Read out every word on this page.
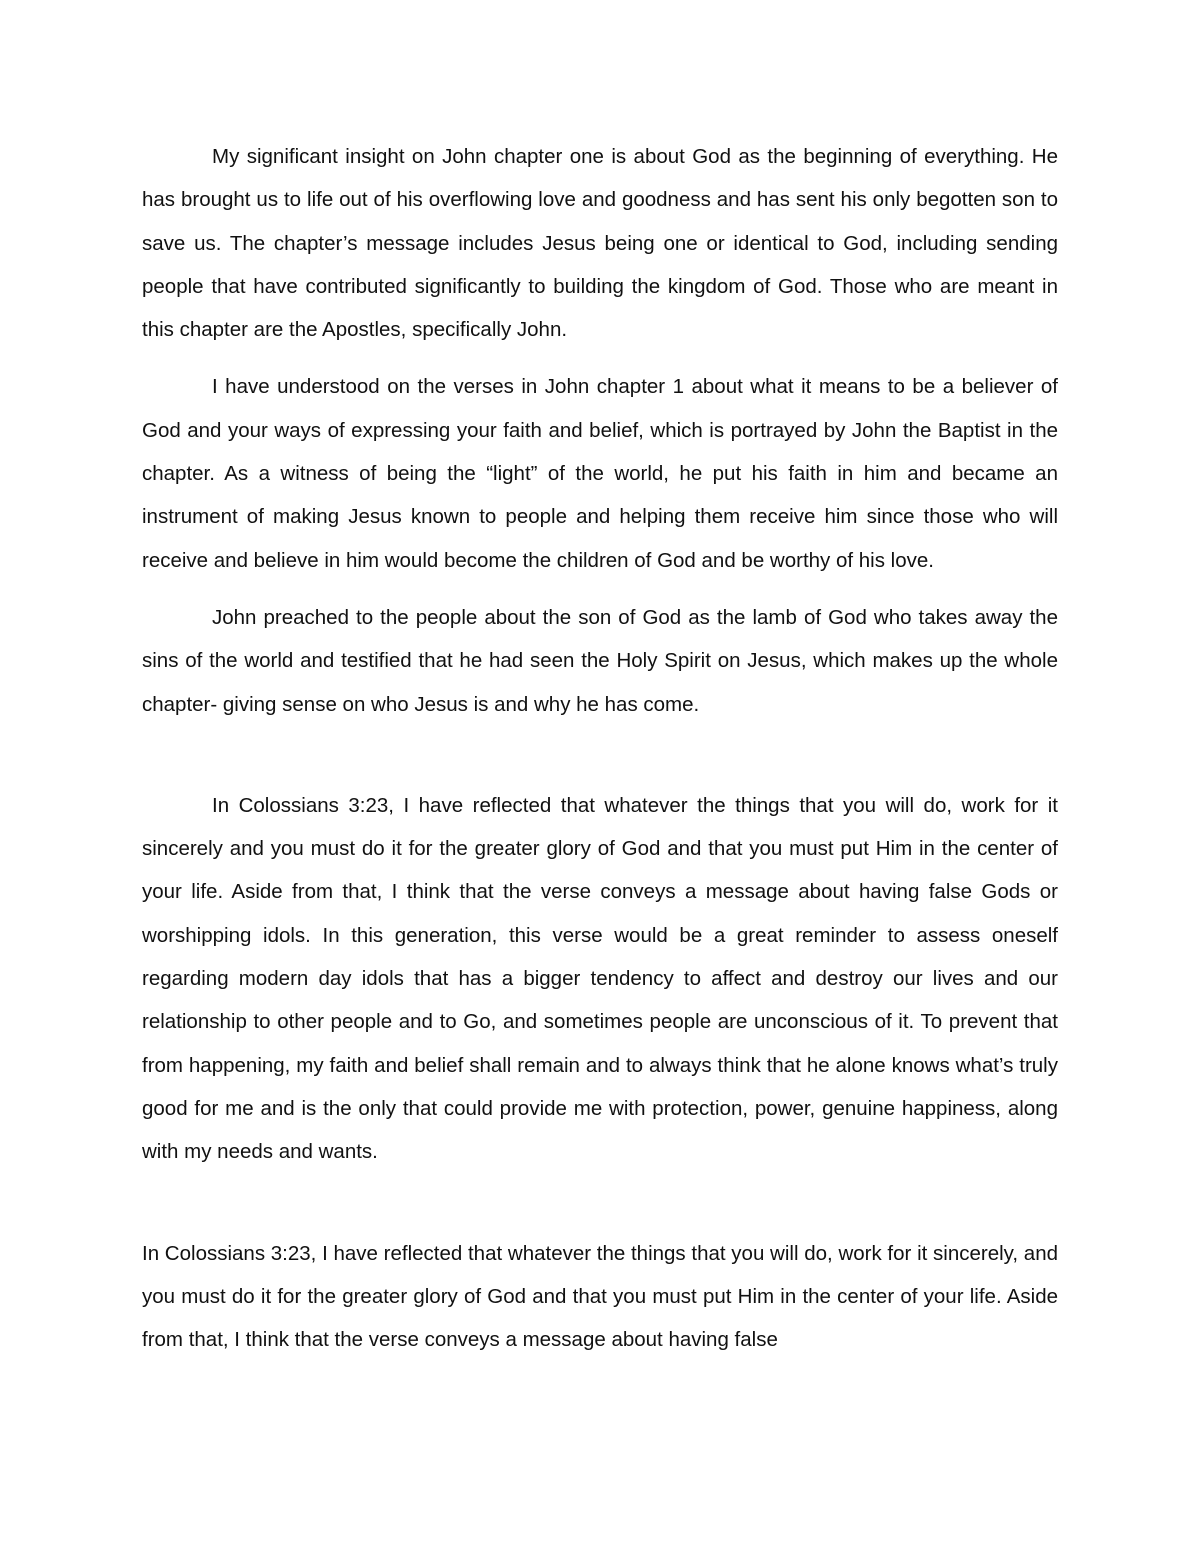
My significant insight on John chapter one is about God as the beginning of everything. He has brought us to life out of his overflowing love and goodness and has sent his only begotten son to save us. The chapter’s message includes Jesus being one or identical to God, including sending people that have contributed significantly to building the kingdom of God. Those who are meant in this chapter are the Apostles, specifically John.

I have understood on the verses in John chapter 1 about what it means to be a believer of God and your ways of expressing your faith and belief, which is portrayed by John the Baptist in the chapter. As a witness of being the “light” of the world, he put his faith in him and became an instrument of making Jesus known to people and helping them receive him since those who will receive and believe in him would become the children of God and be worthy of his love.

John preached to the people about the son of God as the lamb of God who takes away the sins of the world and testified that he had seen the Holy Spirit on Jesus, which makes up the whole chapter- giving sense on who Jesus is and why he has come.

In Colossians 3:23, I have reflected that whatever the things that you will do, work for it sincerely and you must do it for the greater glory of God and that you must put Him in the center of your life. Aside from that, I think that the verse conveys a message about having false Gods or worshipping idols. In this generation, this verse would be a great reminder to assess oneself regarding modern day idols that has a bigger tendency to affect and destroy our lives and our relationship to other people and to Go, and sometimes people are unconscious of it. To prevent that from happening, my faith and belief shall remain and to always think that he alone knows what’s truly good for me and is the only that could provide me with protection, power, genuine happiness, along with my needs and wants.

In Colossians 3:23, I have reflected that whatever the things that you will do, work for it sincerely, and you must do it for the greater glory of God and that you must put Him in the center of your life. Aside from that, I think that the verse conveys a message about having false
